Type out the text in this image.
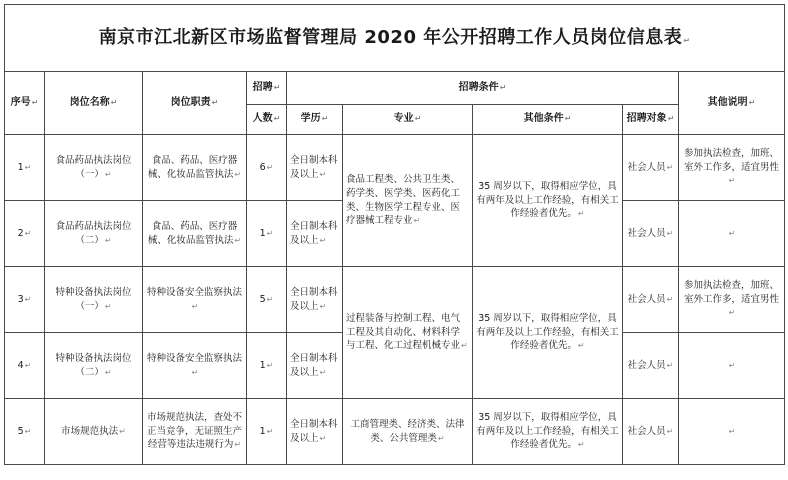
南京市江北新区市场监督管理局 2020 年公开招聘工作人员岗位信息表↵								
序号↵	岗位名称↵	岗位职责↵	招聘↵	招聘条件↵				其他说明↵
			人数↵	学历↵	专业↵	其他条件↵	招聘对象↵	
1↵	食品药品执法岗位（一）↵	食品、药品、医疗器械、化妆品监管执法↵	6↵	全日制本科及以上↵	食品工程类、公共卫生类、药学类、医学类、医药化工类、生物医学工程专业、医疗器械工程专业↵	35 周岁以下，取得相应学位，具有两年及以上工作经验，有相关工作经验者优先。↵	社会人员↵	参加执法检查，加班、室外工作多，适宜男性↵
2↵	食品药品执法岗位（二）↵	食品、药品、医疗器械、化妆品监管执法↵	1↵	全日制本科及以上↵			社会人员↵	↵
3↵	特种设备执法岗位（一）↵	特种设备安全监察执法↵	5↵	全日制本科及以上↵	过程装备与控制工程、电气工程及其自动化、材料科学与工程、化工过程机械专业↵	35 周岁以下，取得相应学位，具有两年及以上工作经验，有相关工作经验者优先。↵	社会人员↵	参加执法检查，加班、室外工作多，适宜男性↵
4↵	特种设备执法岗位（二）↵	特种设备安全监察执法↵	1↵	全日制本科及以上↵			社会人员↵	↵
5↵	市场规范执法↵	市场规范执法，查处不正当竞争，无证照生产经营等违法违规行为↵	1↵	全日制本科及以上↵	工商管理类、经济类、法律类、公共管理类↵	35 周岁以下，取得相应学位，具有两年及以上工作经验，有相关工作经验者优先。↵	社会人员↵	↵
